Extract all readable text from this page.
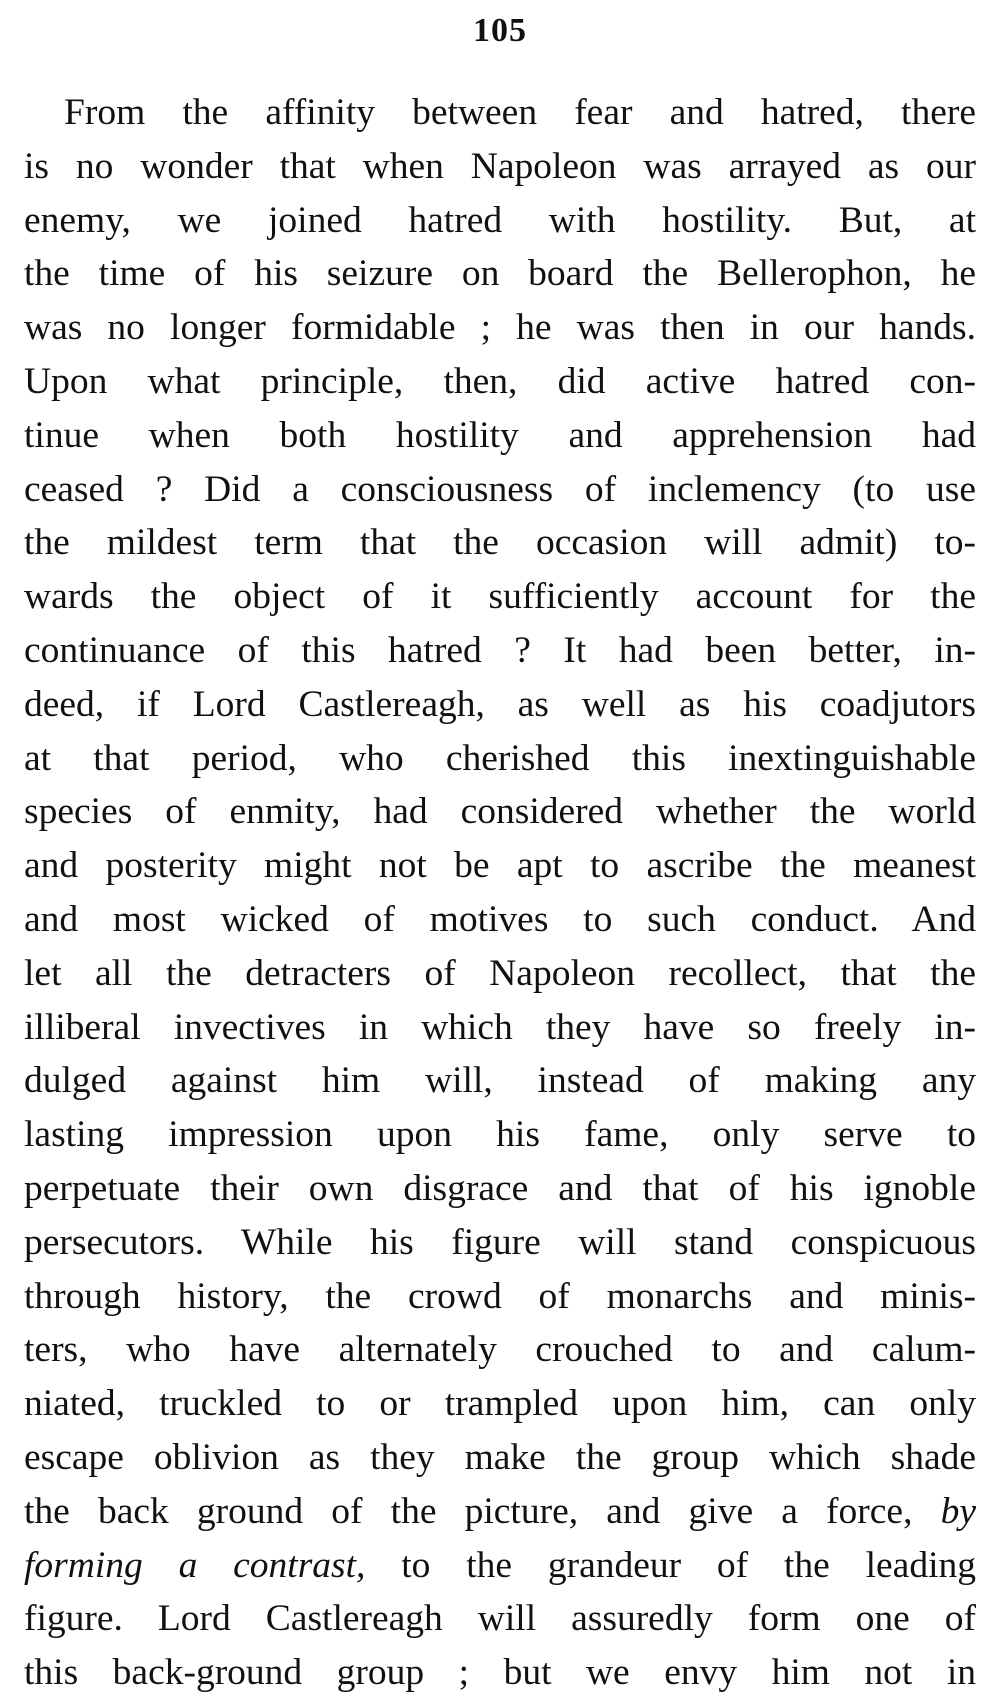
105
From the affinity between fear and hatred, there
is no wonder that when Napoleon was arrayed as our
enemy, we joined hatred with hostility. But, at
the time of his seizure on board the Bellerophon, he
was no longer formidable ; he was then in our hands.
Upon what principle, then, did active hatred con-
tinue when both hostility and apprehension had
ceased ? Did a consciousness of inclemency (to use
the mildest term that the occasion will admit) to-
wards the object of it sufficiently account for the
continuance of this hatred ? It had been better, in-
deed, if Lord Castlereagh, as well as his coadjutors
at that period, who cherished this inextinguishable
species of enmity, had considered whether the world
and posterity might not be apt to ascribe the meanest
and most wicked of motives to such conduct. And
let all the detracters of Napoleon recollect, that the
illiberal invectives in which they have so freely in-
dulged against him will, instead of making any
lasting impression upon his fame, only serve to
perpetuate their own disgrace and that of his ignoble
persecutors. While his figure will stand conspicuous
through history, the crowd of monarchs and minis-
ters, who have alternately crouched to and calum-
niated, truckled to or trampled upon him, can only
escape oblivion as they make the group which shade
the back ground of the picture, and give a force, by
forming a contrast, to the grandeur of the leading
figure. Lord Castlereagh will assuredly form one of
this back-ground group ; but we envy him not in
